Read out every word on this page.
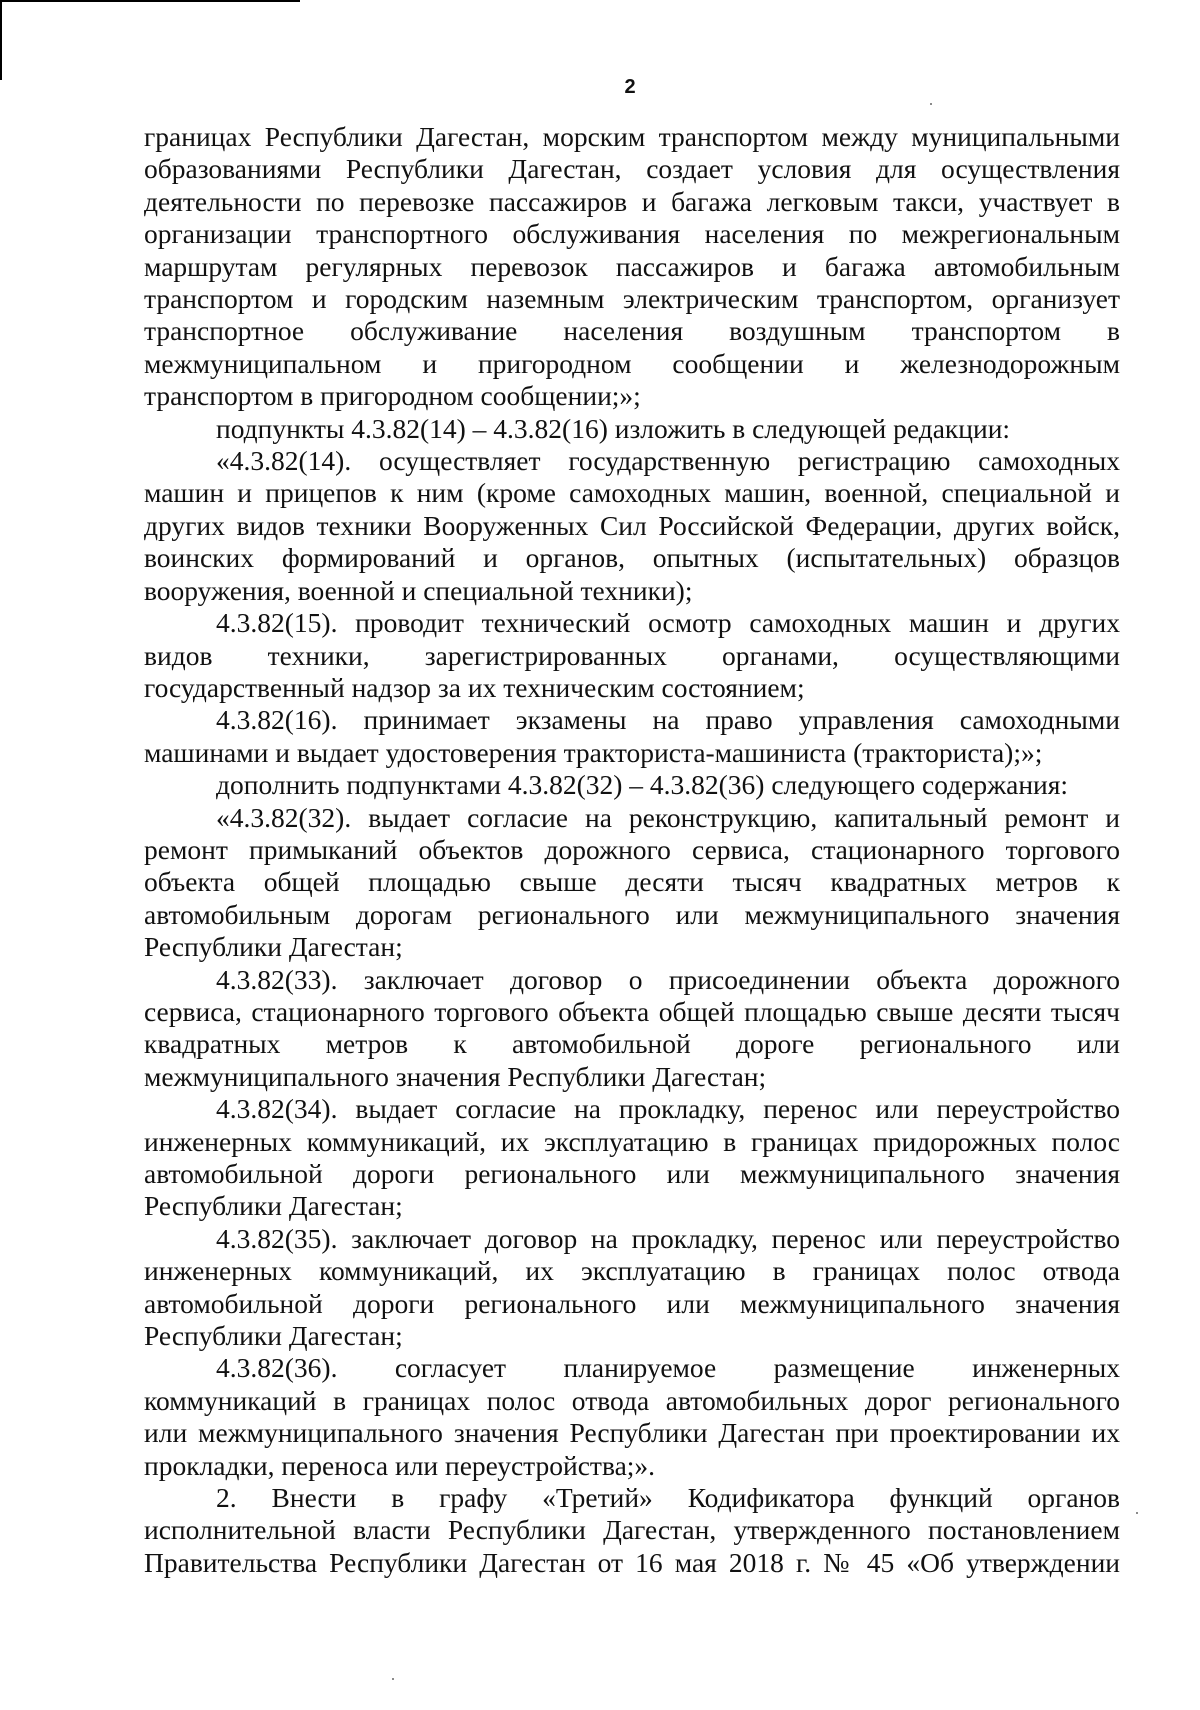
2

границах Республики Дагестан, морским транспортом между муниципальными
образованиями Республики Дагестан, создает условия для осуществления
деятельности по перевозке пассажиров и багажа легковым такси, участвует в
организации транспортного обслуживания населения по межрегиональным
маршрутам регулярных перевозок пассажиров и багажа автомобильным
транспортом и городским наземным электрическим транспортом, организует
транспортное обслуживание населения воздушным транспортом в
межмуниципальном и пригородном сообщении и железнодорожным
транспортом в пригородном сообщении;»;

подпункты 4.3.82(14) – 4.3.82(16) изложить в следующей редакции:

«4.3.82(14). осуществляет государственную регистрацию самоходных
машин и прицепов к ним (кроме самоходных машин, военной, специальной и
других видов техники Вооруженных Сил Российской Федерации, других войск,
воинских формирований и органов, опытных (испытательных) образцов
вооружения, военной и специальной техники);

4.3.82(15). проводит технический осмотр самоходных машин и других
видов техники, зарегистрированных органами, осуществляющими
государственный надзор за их техническим состоянием;

4.3.82(16). принимает экзамены на право управления самоходными
машинами и выдает удостоверения тракториста-машиниста (тракториста);»;

дополнить подпунктами 4.3.82(32) – 4.3.82(36) следующего содержания:

«4.3.82(32). выдает согласие на реконструкцию, капитальный ремонт и
ремонт примыканий объектов дорожного сервиса, стационарного торгового
объекта общей площадью свыше десяти тысяч квадратных метров к
автомобильным дорогам регионального или межмуниципального значения
Республики Дагестан;

4.3.82(33). заключает договор о присоединении объекта дорожного
сервиса, стационарного торгового объекта общей площадью свыше десяти тысяч
квадратных метров к автомобильной дороге регионального или
межмуниципального значения Республики Дагестан;

4.3.82(34). выдает согласие на прокладку, перенос или переустройство
инженерных коммуникаций, их эксплуатацию в границах придорожных полос
автомобильной дороги регионального или межмуниципального значения
Республики Дагестан;

4.3.82(35). заключает договор на прокладку, перенос или переустройство
инженерных коммуникаций, их эксплуатацию в границах полос отвода
автомобильной дороги регионального или межмуниципального значения
Республики Дагестан;

4.3.82(36). согласует планируемое размещение инженерных
коммуникаций в границах полос отвода автомобильных дорог регионального
или межмуниципального значения Республики Дагестан при проектировании их
прокладки, переноса или переустройства;».

2. Внести в графу «Третий» Кодификатора функций органов
исполнительной власти Республики Дагестан, утвержденного постановлением
Правительства Республики Дагестан от 16 мая 2018 г. № 45 «Об утверждении
